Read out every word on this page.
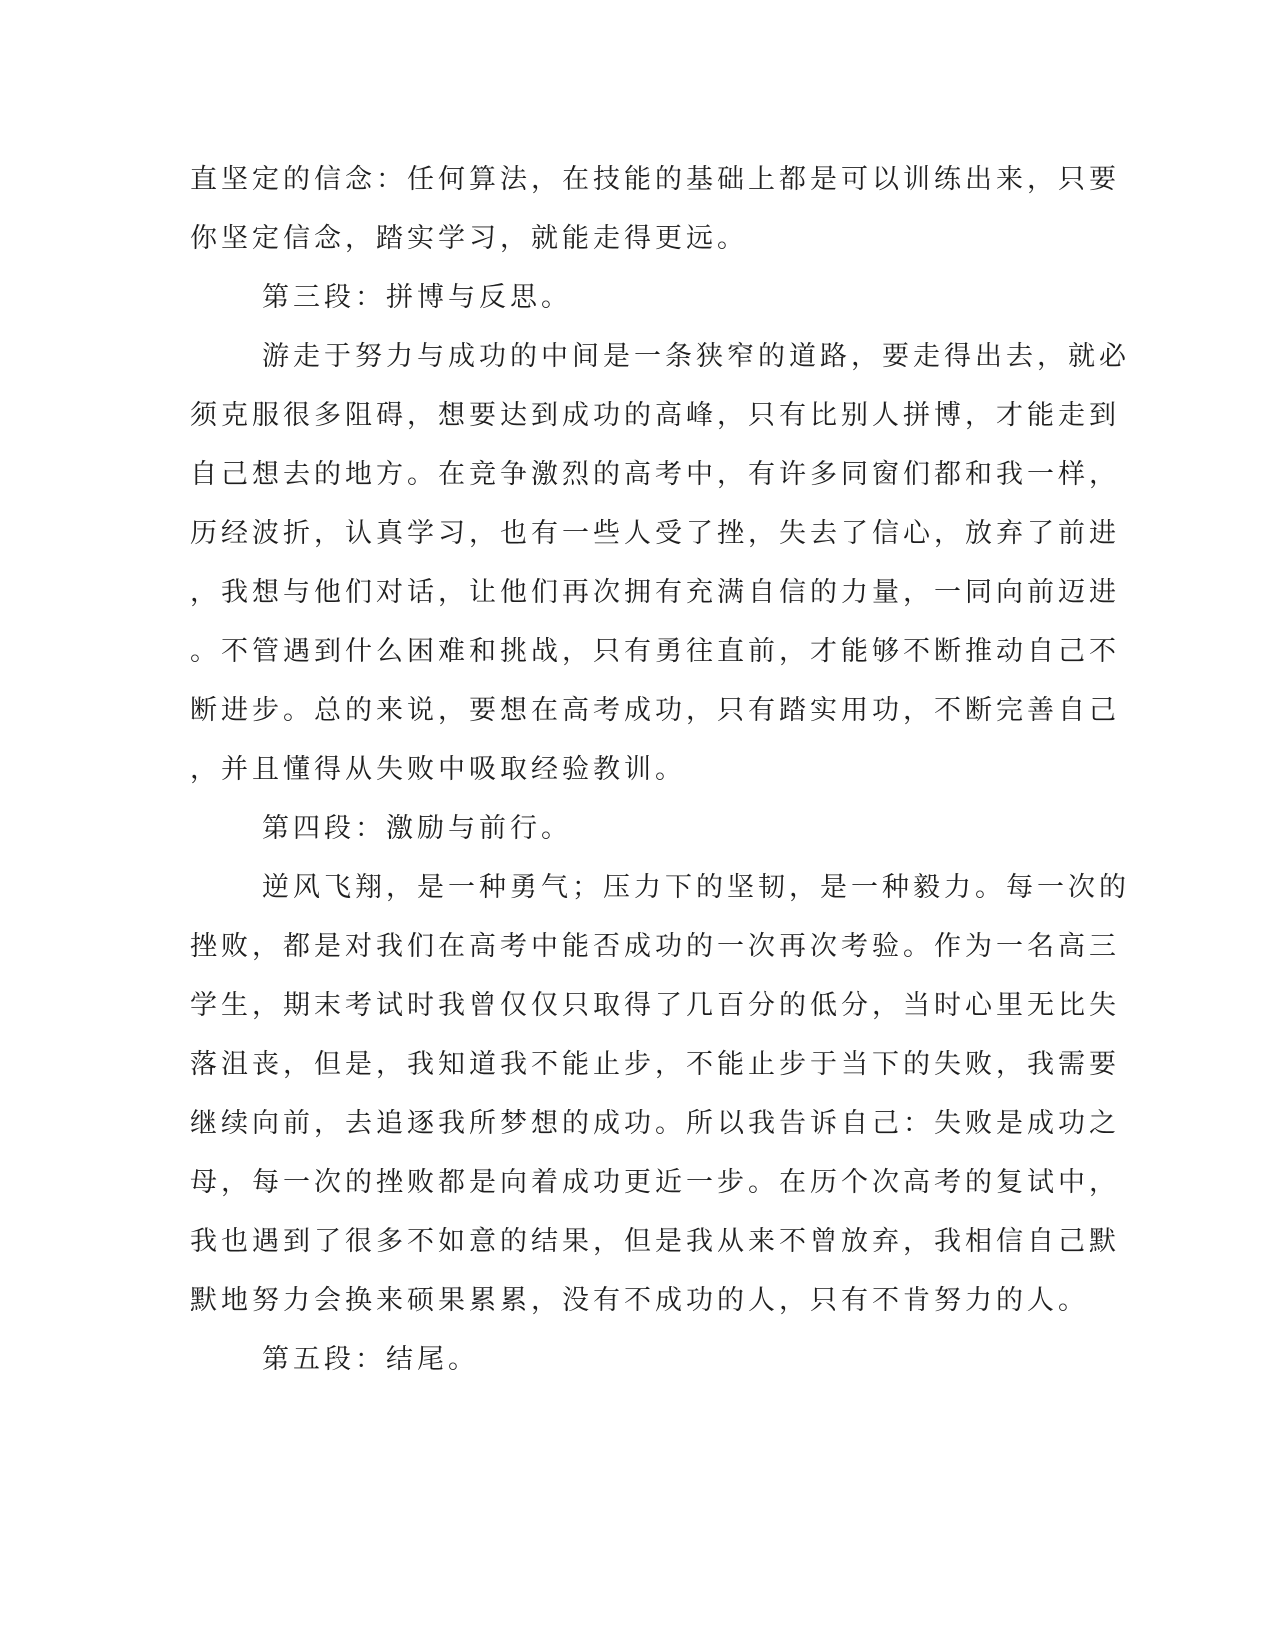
直坚定的信念：任何算法，在技能的基础上都是可以训练出来，只要
你坚定信念，踏实学习，就能走得更远。
第三段：拼博与反思。
游走于努力与成功的中间是一条狭窄的道路，要走得出去，就必
须克服很多阻碍，想要达到成功的高峰，只有比别人拼博，才能走到
自己想去的地方。在竞争激烈的高考中，有许多同窗们都和我一样，
历经波折，认真学习，也有一些人受了挫，失去了信心，放弃了前进
，我想与他们对话，让他们再次拥有充满自信的力量，一同向前迈进
。不管遇到什么困难和挑战，只有勇往直前，才能够不断推动自己不
断进步。总的来说，要想在高考成功，只有踏实用功，不断完善自己
，并且懂得从失败中吸取经验教训。
第四段：激励与前行。
逆风飞翔，是一种勇气；压力下的坚韧，是一种毅力。每一次的
挫败，都是对我们在高考中能否成功的一次再次考验。作为一名高三
学生，期末考试时我曾仅仅只取得了几百分的低分，当时心里无比失
落沮丧，但是，我知道我不能止步，不能止步于当下的失败，我需要
继续向前，去追逐我所梦想的成功。所以我告诉自己：失败是成功之
母，每一次的挫败都是向着成功更近一步。在历个次高考的复试中，
我也遇到了很多不如意的结果，但是我从来不曾放弃，我相信自己默
默地努力会换来硕果累累，没有不成功的人，只有不肯努力的人。
第五段：结尾。
